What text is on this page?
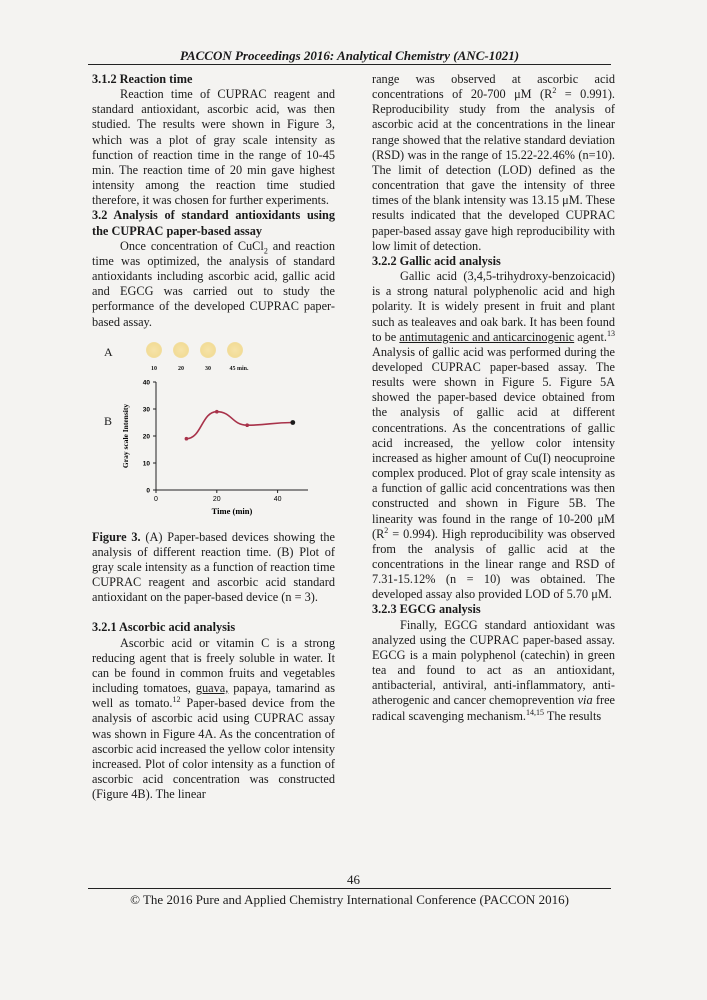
PACCON Proceedings 2016: Analytical Chemistry (ANC-1021)

3.1.2 Reaction time

Reaction time of CUPRAC reagent and standard antioxidant, ascorbic acid, was then studied. The results were shown in Figure 3, which was a plot of gray scale intensity as function of reaction time in the range of 10-45 min. The reaction time of 20 min gave highest intensity among the reaction time studied therefore, it was chosen for further experiments.

3.2 Analysis of standard antioxidants using the CUPRAC paper-based assay

Once concentration of CuCl$_2$ and reaction time was optimized, the analysis of standard antioxidants including ascorbic acid, gallic acid and EGCG was carried out to study the performance of the developed CUPRAC paper-based assay.

A
10	20	30	45 min.
B
0
10
20
30
40
0	20	40
Time (min)
Gray scale Intensity

Figure 3. (A) Paper-based devices showing the analysis of different reaction time. (B) Plot of gray scale intensity as a function of reaction time CUPRAC reagent and ascorbic acid standard antioxidant on the paper-based device (n = 3).

3.2.1 Ascorbic acid analysis

Ascorbic acid or vitamin C is a strong reducing agent that is freely soluble in water. It can be found in common fruits and vegetables including tomatoes, guava, papaya, tamarind as well as tomato.$^{12}$ Paper-based device from the analysis of ascorbic acid using CUPRAC assay was shown in Figure 4A. As the concentration of ascorbic acid increased the yellow color intensity increased. Plot of color intensity as a function of ascorbic acid concentration was constructed (Figure 4B). The linear

range was observed at ascorbic acid concentrations of 20-700 μM $(R^2 = 0.991)$. Reproducibility study from the analysis of ascorbic acid at the concentrations in the linear range showed that the relative standard deviation (RSD) was in the range of 15.22-22.46% (n=10). The limit of detection (LOD) defined as the concentration that gave the intensity of three times of the blank intensity was 13.15 μM. These results indicated that the developed CUPRAC paper-based assay gave high reproducibility with low limit of detection.

3.2.2 Gallic acid analysis

Gallic acid (3,4,5-trihydroxy-benzoicacid) is a strong natural polyphenolic acid and high polarity. It is widely present in fruit and plant such as tealeaves and oak bark. It has been found to be antimutagenic and anticarcinogenic agent.$^{13}$ Analysis of gallic acid was performed during the developed CUPRAC paper-based assay. The results were shown in Figure 5. Figure 5A showed the paper-based device obtained from the analysis of gallic acid at different concentrations. As the concentrations of gallic acid increased, the yellow color intensity increased as higher amount of Cu(I) neocuproine complex produced. Plot of gray scale intensity as a function of gallic acid concentrations was then constructed and shown in Figure 5B. The linearity was found in the range of 10-200 μM $(R^2 = 0.994)$. High reproducibility was observed from the analysis of gallic acid at the concentrations in the linear range and RSD of 7.31-15.12% (n = 10) was obtained. The developed assay also provided LOD of 5.70 μM.

3.2.3 EGCG analysis

Finally, EGCG standard antioxidant was analyzed using the CUPRAC paper-based assay. EGCG is a main polyphenol (catechin) in green tea and found to act as an antioxidant, antibacterial, antiviral, anti-inflammatory, anti-atherogenic and cancer chemoprevention via free radical scavenging mechanism.$^{14,15}$ The results

46
© The 2016 Pure and Applied Chemistry International Conference (PACCON 2016)
